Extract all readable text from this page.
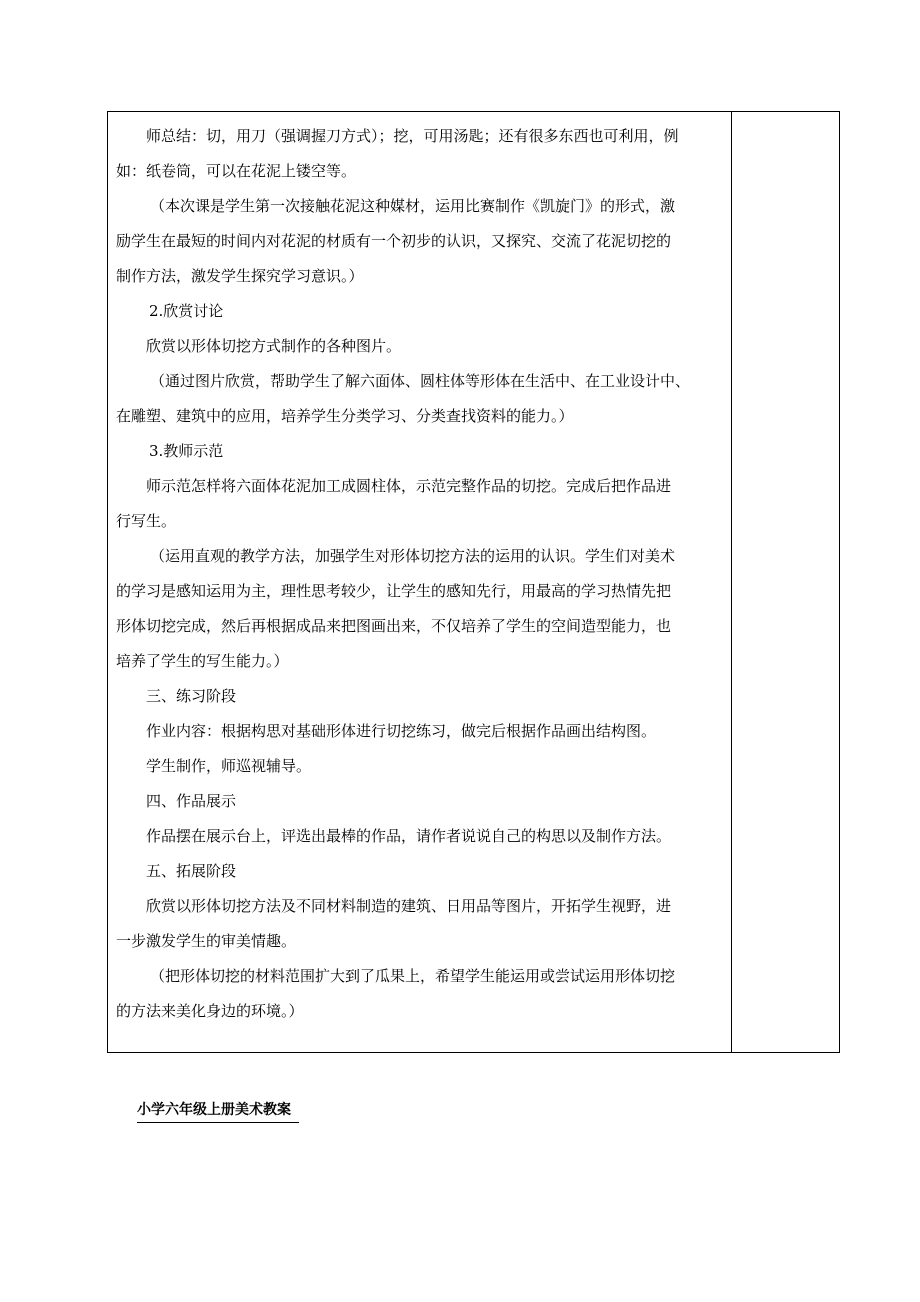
师总结：切，用刀（强调握刀方式）；挖，可用汤匙；还有很多东西也可利用，例
如：纸卷筒，可以在花泥上镂空等。
（本次课是学生第一次接触花泥这种媒材，运用比赛制作《凯旋门》的形式，激
励学生在最短的时间内对花泥的材质有一个初步的认识，又探究、交流了花泥切挖的
制作方法，激发学生探究学习意识。）
2.欣赏讨论
欣赏以形体切挖方式制作的各种图片。
（通过图片欣赏，帮助学生了解六面体、圆柱体等形体在生活中、在工业设计中、
在雕塑、建筑中的应用，培养学生分类学习、分类查找资料的能力。）
3.教师示范
师示范怎样将六面体花泥加工成圆柱体，示范完整作品的切挖。完成后把作品进
行写生。
（运用直观的教学方法，加强学生对形体切挖方法的运用的认识。学生们对美术
的学习是感知运用为主，理性思考较少，让学生的感知先行，用最高的学习热情先把
形体切挖完成，然后再根据成品来把图画出来，不仅培养了学生的空间造型能力，也
培养了学生的写生能力。）
三、练习阶段
作业内容：根据构思对基础形体进行切挖练习，做完后根据作品画出结构图。
学生制作，师巡视辅导。
四、作品展示
作品摆在展示台上，评选出最棒的作品，请作者说说自己的构思以及制作方法。
五、拓展阶段
欣赏以形体切挖方法及不同材料制造的建筑、日用品等图片，开拓学生视野，进
一步激发学生的审美情趣。
（把形体切挖的材料范围扩大到了瓜果上，希望学生能运用或尝试运用形体切挖
的方法来美化身边的环境。）
小学六年级上册美术教案
